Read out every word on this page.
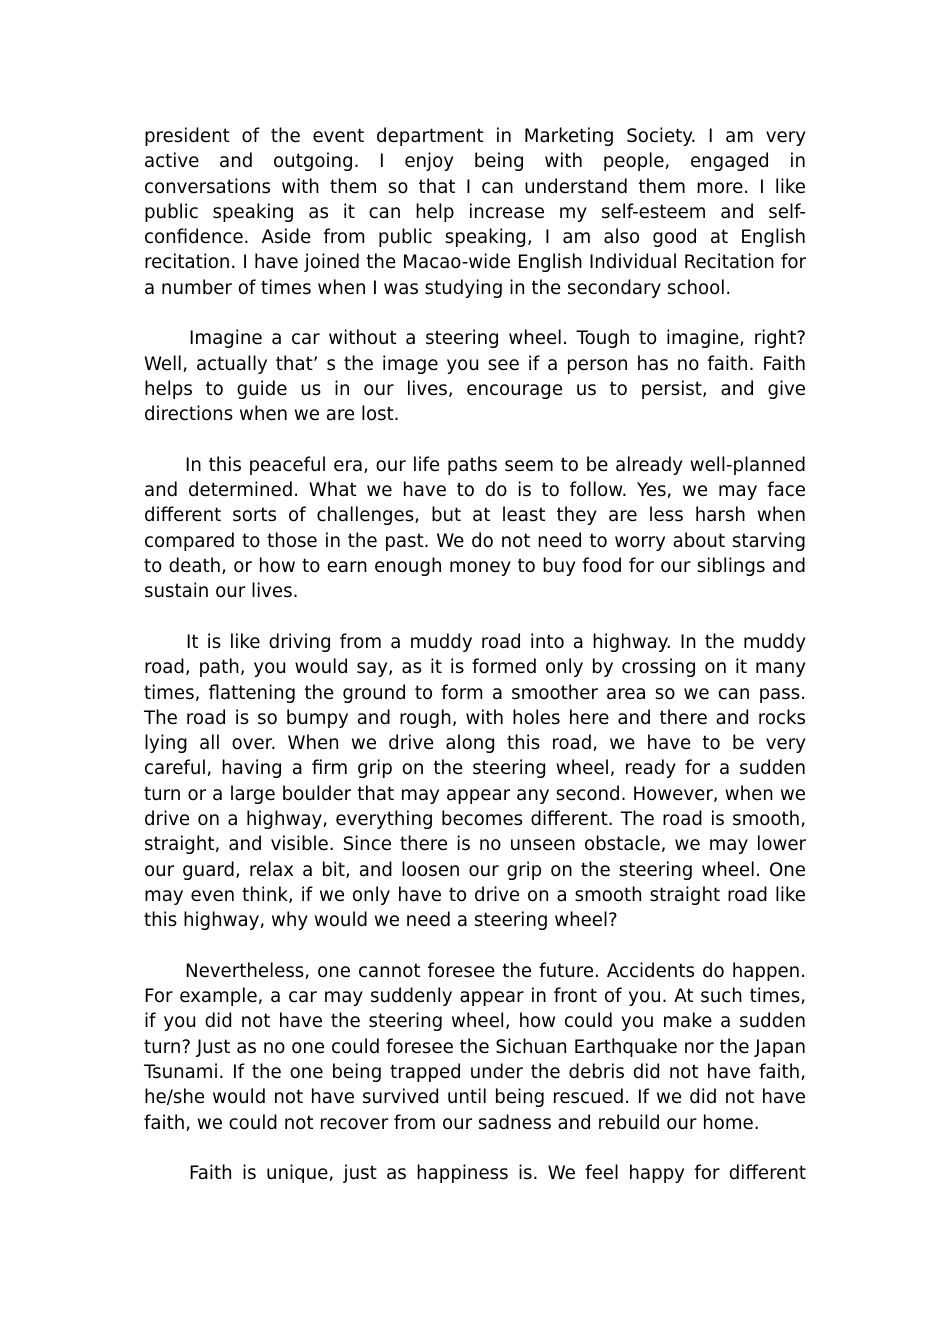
president of the event department in Marketing Society. I am very active and outgoing. I enjoy being with people, engaged in conversations with them so that I can understand them more. I like public speaking as it can help increase my self-esteem and self-confidence. Aside from public speaking, I am also good at English recitation. I have joined the Macao-wide English Individual Recitation for a number of times when I was studying in the secondary school.

Imagine a car without a steering wheel. Tough to imagine, right? Well, actually that’ s the image you see if a person has no faith. Faith helps to guide us in our lives, encourage us to persist, and give directions when we are lost.

In this peaceful era, our life paths seem to be already well-planned and determined. What we have to do is to follow. Yes, we may face different sorts of challenges, but at least they are less harsh when compared to those in the past. We do not need to worry about starving to death, or how to earn enough money to buy food for our siblings and sustain our lives.

It is like driving from a muddy road into a highway. In the muddy road, path, you would say, as it is formed only by crossing on it many times, flattening the ground to form a smoother area so we can pass. The road is so bumpy and rough, with holes here and there and rocks lying all over. When we drive along this road, we have to be very careful, having a firm grip on the steering wheel, ready for a sudden turn or a large boulder that may appear any second. However, when we drive on a highway, everything becomes different. The road is smooth, straight, and visible. Since there is no unseen obstacle, we may lower our guard, relax a bit, and loosen our grip on the steering wheel. One may even think, if we only have to drive on a smooth straight road like this highway, why would we need a steering wheel?

Nevertheless, one cannot foresee the future. Accidents do happen. For example, a car may suddenly appear in front of you. At such times, if you did not have the steering wheel, how could you make a sudden turn? Just as no one could foresee the Sichuan Earthquake nor the Japan Tsunami. If the one being trapped under the debris did not have faith, he/she would not have survived until being rescued. If we did not have faith, we could not recover from our sadness and rebuild our home.

Faith is unique, just as happiness is. We feel happy for different
